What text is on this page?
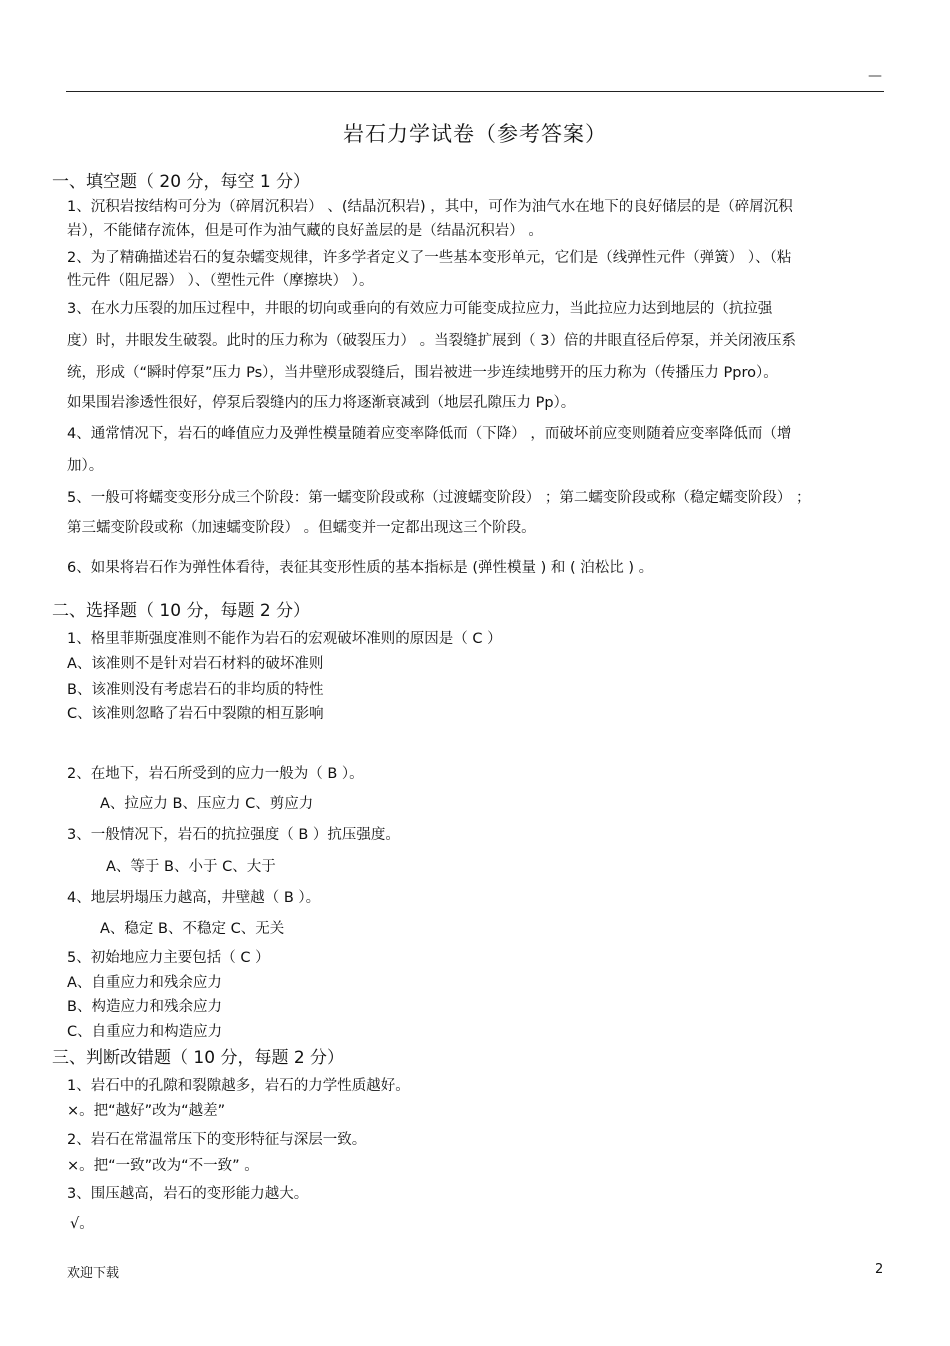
—
岩石力学试卷（参考答案）
一、填空题（ 20 分，每空 1 分）
1、沉积岩按结构可分为（碎屑沉积岩） 、(结晶沉积岩) ，其中，可作为油气水在地下的良好储层的是（碎屑沉积
岩），不能储存流体，但是可作为油气藏的良好盖层的是（结晶沉积岩） 。
2、为了精确描述岩石的复杂蠕变规律，许多学者定义了一些基本变形单元，它们是（线弹性元件（弹簧） ）、（粘
性元件（阻尼器） ）、（塑性元件（摩擦块） ）。
3、在水力压裂的加压过程中，井眼的切向或垂向的有效应力可能变成拉应力，当此拉应力达到地层的（抗拉强
度）时，井眼发生破裂。此时的压力称为（破裂压力） 。当裂缝扩展到（ 3）倍的井眼直径后停泵，并关闭液压系
统，形成（“瞬时停泵”压力 Ps），当井壁形成裂缝后，围岩被进一步连续地劈开的压力称为（传播压力 Ppro）。
如果围岩渗透性很好，停泵后裂缝内的压力将逐渐衰减到（地层孔隙压力 Pp）。
4、通常情况下，岩石的峰值应力及弹性模量随着应变率降低而（下降） ，而破坏前应变则随着应变率降低而（增
加）。
5、一般可将蠕变变形分成三个阶段：第一蠕变阶段或称（过渡蠕变阶段） ；第二蠕变阶段或称（稳定蠕变阶段） ；
第三蠕变阶段或称（加速蠕变阶段） 。但蠕变并一定都出现这三个阶段。
6、如果将岩石作为弹性体看待，表征其变形性质的基本指标是 (弹性模量 ) 和 ( 泊松比 ) 。
二、选择题（ 10 分，每题 2 分）
1、格里菲斯强度准则不能作为岩石的宏观破坏准则的原因是（ C ）
A、该准则不是针对岩石材料的破坏准则
B、该准则没有考虑岩石的非均质的特性
C、该准则忽略了岩石中裂隙的相互影响
2、在地下，岩石所受到的应力一般为（ B ）。
A、拉应力 B、压应力 C、剪应力
3、一般情况下，岩石的抗拉强度（ B ）抗压强度。
A、等于 B、小于 C、大于
4、地层坍塌压力越高，井壁越（ B ）。
A、稳定 B、不稳定 C、无关
5、初始地应力主要包括（ C ）
A、自重应力和残余应力
B、构造应力和残余应力
C、自重应力和构造应力
三、判断改错题（ 10 分，每题 2 分）
1、岩石中的孔隙和裂隙越多，岩石的力学性质越好。
×。把“越好”改为“越差”
2、岩石在常温常压下的变形特征与深层一致。
×。把“一致”改为“不一致” 。
3、围压越高，岩石的变形能力越大。
√。
欢迎下载	2
